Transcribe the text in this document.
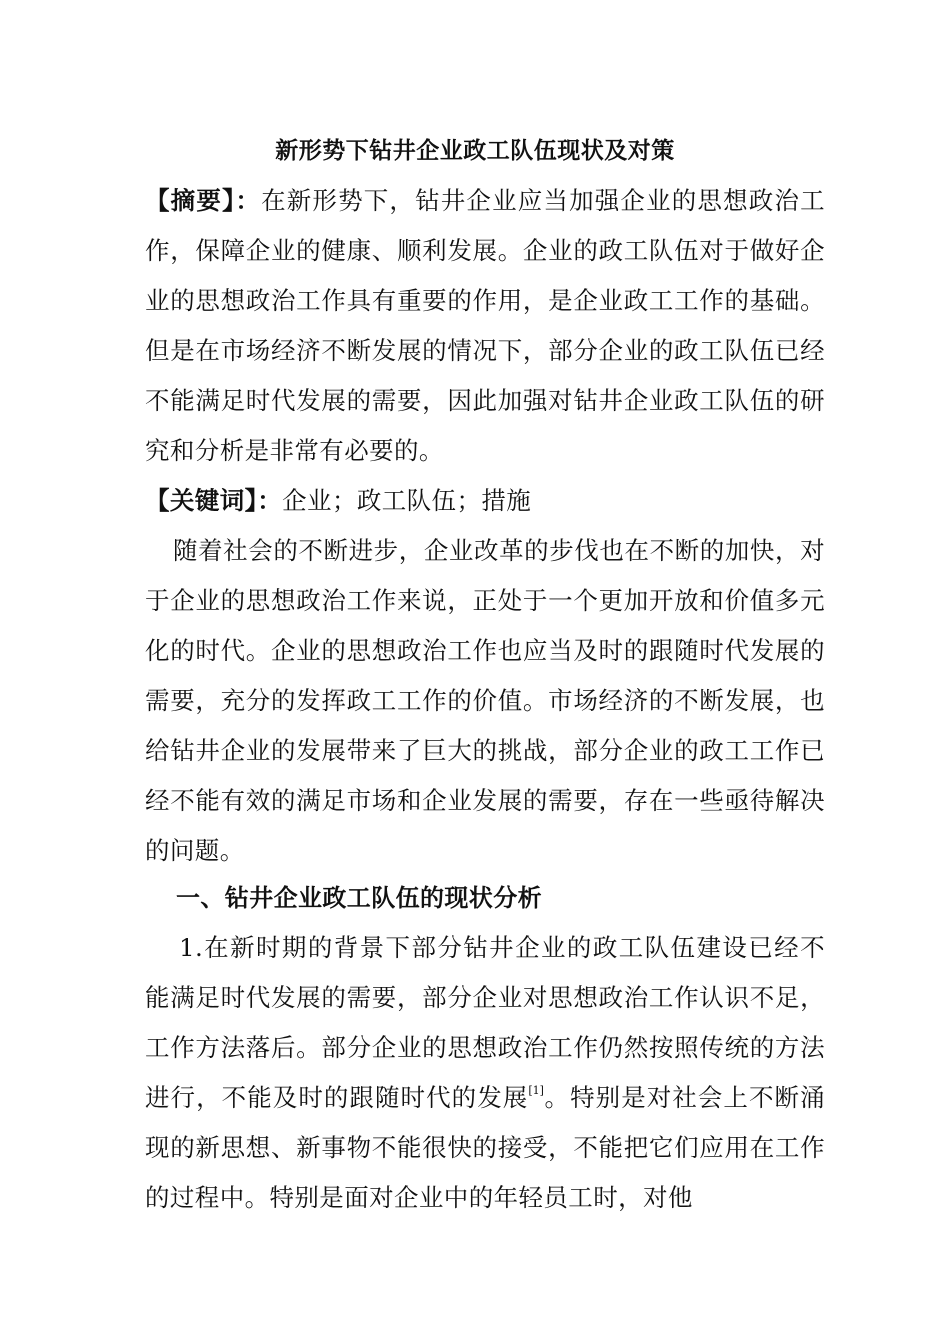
新形势下钻井企业政工队伍现状及对策
【摘要】：在新形势下，钻井企业应当加强企业的思想政治工作，保障企业的健康、顺利发展。企业的政工队伍对于做好企业的思想政治工作具有重要的作用，是企业政工工作的基础。但是在市场经济不断发展的情况下，部分企业的政工队伍已经不能满足时代发展的需要，因此加强对钻井企业政工队伍的研究和分析是非常有必要的。
【关键词】：企业；政工队伍；措施
随着社会的不断进步，企业改革的步伐也在不断的加快，对于企业的思想政治工作来说，正处于一个更加开放和价值多元化的时代。企业的思想政治工作也应当及时的跟随时代发展的需要，充分的发挥政工工作的价值。市场经济的不断发展，也给钻井企业的发展带来了巨大的挑战，部分企业的政工工作已经不能有效的满足市场和企业发展的需要，存在一些亟待解决的问题。
一、钻井企业政工队伍的现状分析
1.在新时期的背景下部分钻井企业的政工队伍建设已经不能满足时代发展的需要，部分企业对思想政治工作认识不足，工作方法落后。部分企业的思想政治工作仍然按照传统的方法进行，不能及时的跟随时代的发展[1]。特别是对社会上不断涌现的新思想、新事物不能很快的接受，不能把它们应用在工作的过程中。特别是面对企业中的年轻员工时，对他
